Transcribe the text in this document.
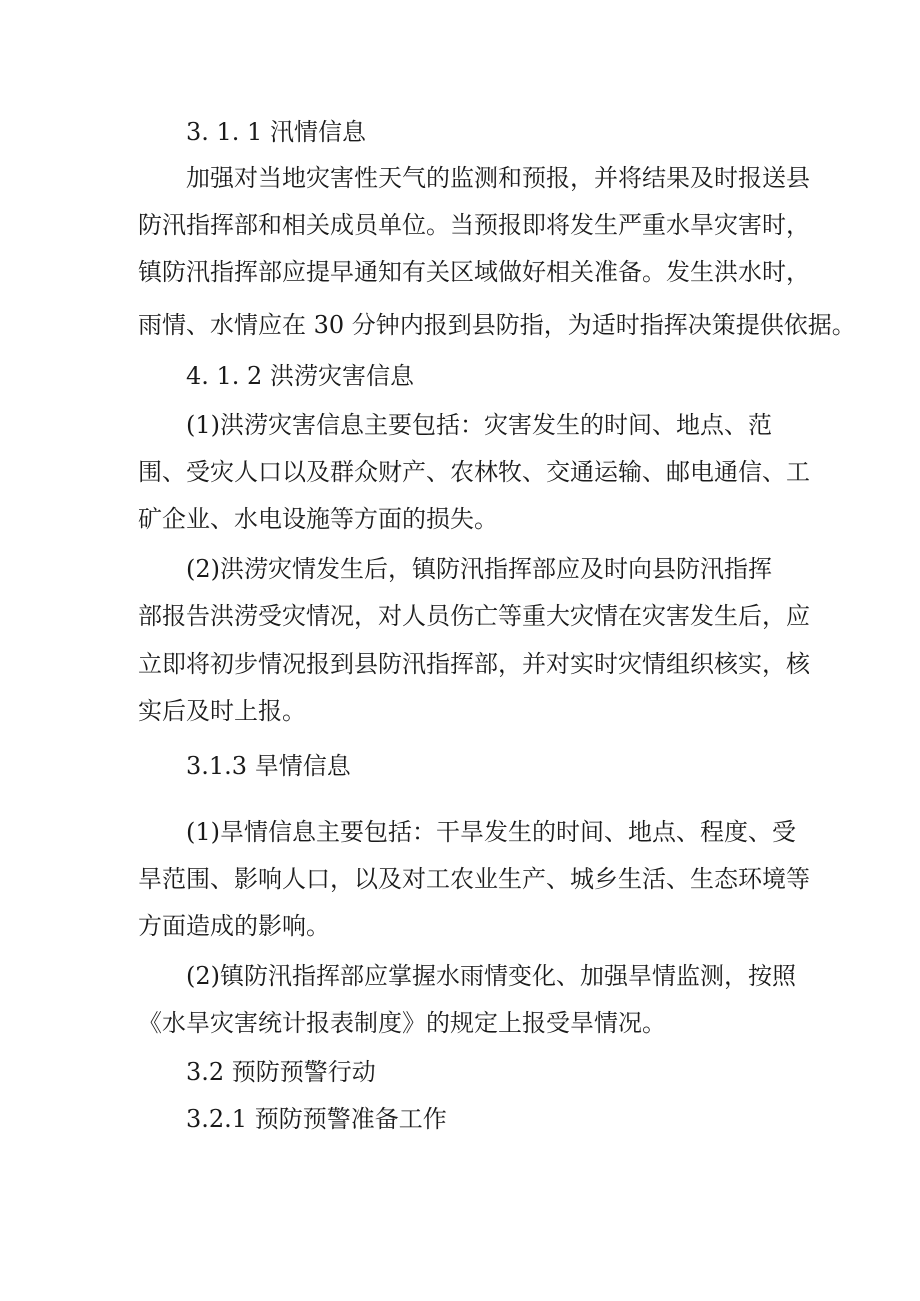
3. 1. 1 汛情信息
加强对当地灾害性天气的监测和预报，并将结果及时报送县
防汛指挥部和相关成员单位。当预报即将发生严重水旱灾害时，
镇防汛指挥部应提早通知有关区域做好相关准备。发生洪水时，
雨情、水情应在 30 分钟内报到县防指，为适时指挥决策提供依据。
4. 1. 2 洪涝灾害信息
(1)洪涝灾害信息主要包括：灾害发生的时间、地点、范
围、受灾人口以及群众财产、农林牧、交通运输、邮电通信、工
矿企业、水电设施等方面的损失。
(2)洪涝灾情发生后，镇防汛指挥部应及时向县防汛指挥
部报告洪涝受灾情况，对人员伤亡等重大灾情在灾害发生后，应
立即将初步情况报到县防汛指挥部，并对实时灾情组织核实，核
实后及时上报。
3.1.3 旱情信息
(1)旱情信息主要包括：干旱发生的时间、地点、程度、受
旱范围、影响人口，以及对工农业生产、城乡生活、生态环境等
方面造成的影响。
(2)镇防汛指挥部应掌握水雨情变化、加强旱情监测，按照
《水旱灾害统计报表制度》的规定上报受旱情况。
3.2 预防预警行动
3.2.1 预防预警准备工作
